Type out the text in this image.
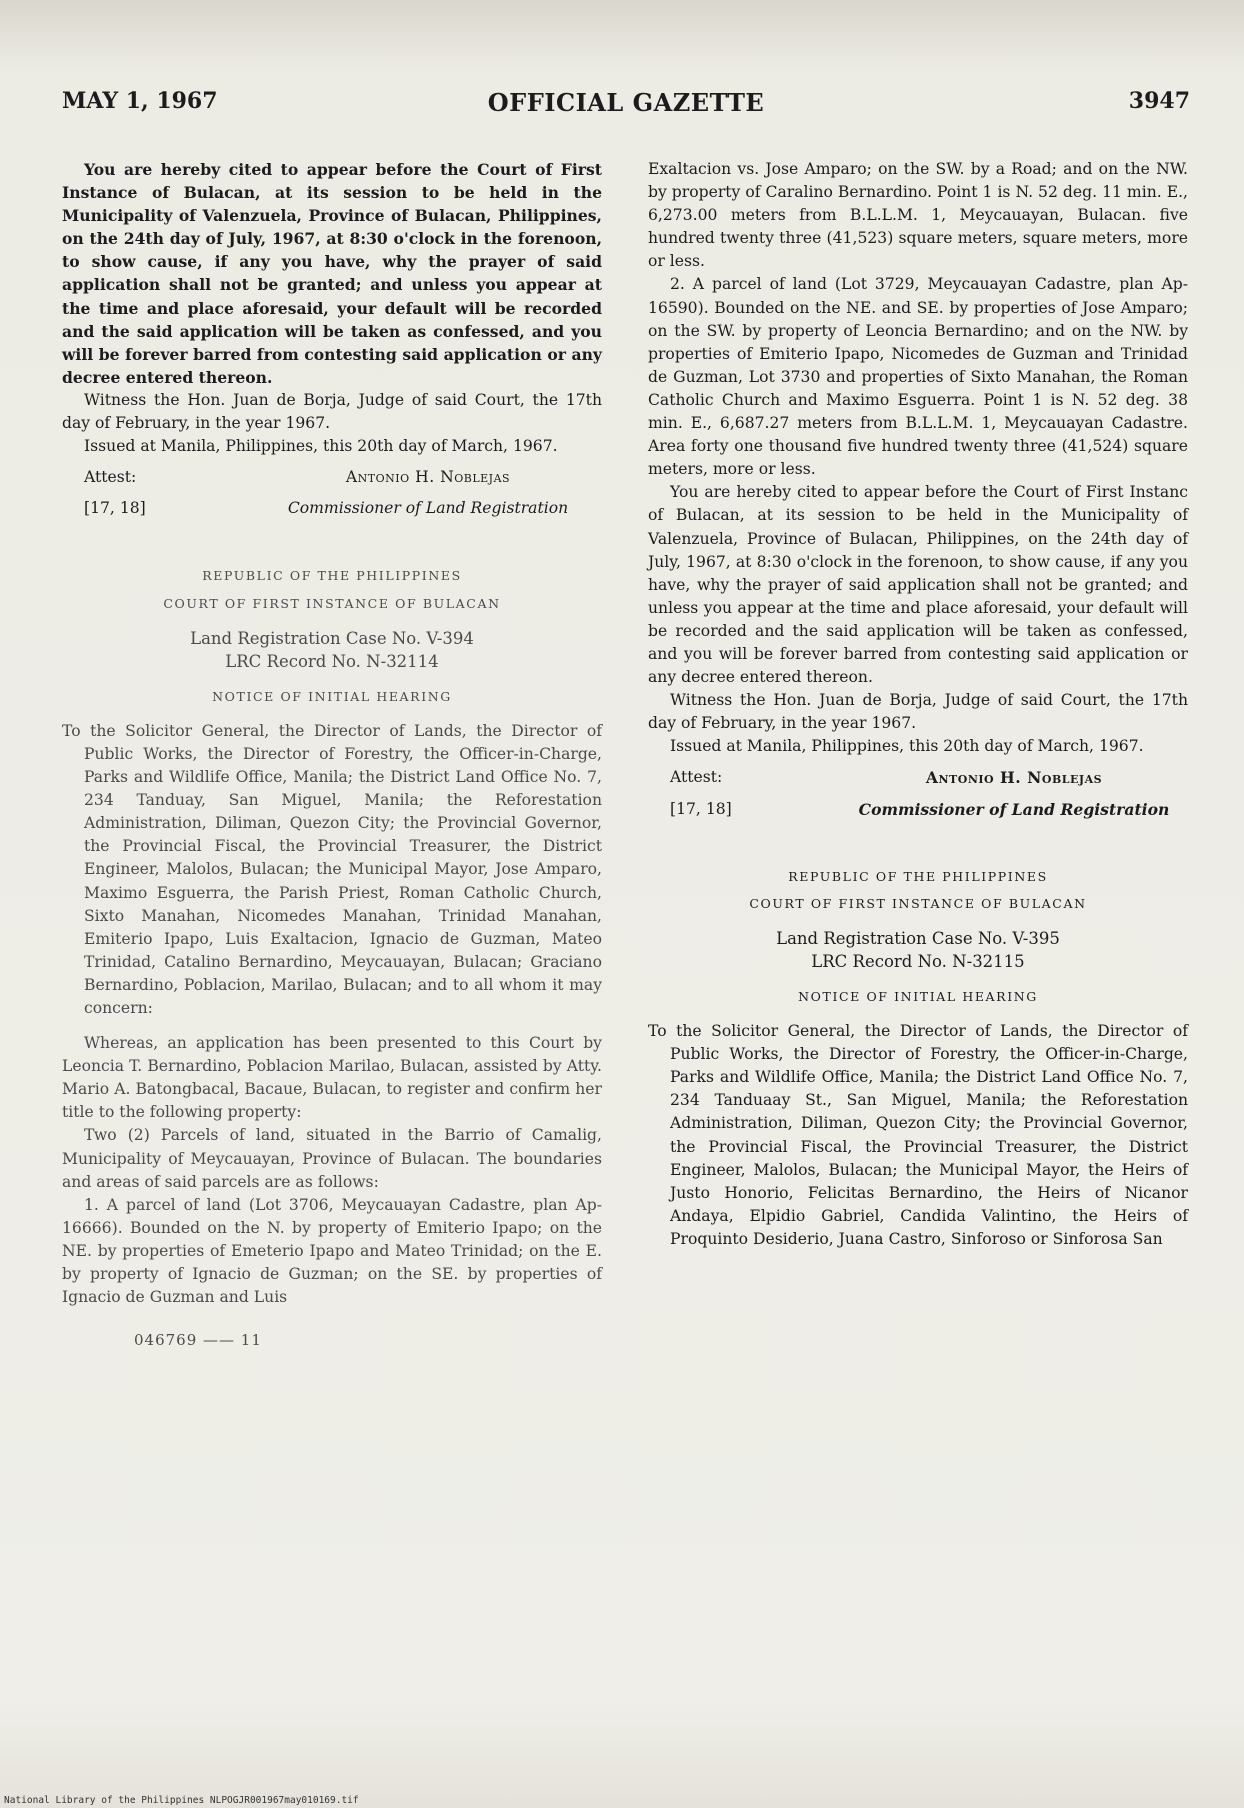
MAY 1, 1967	OFFICIAL GAZETTE	3947

You are hereby cited to appear before the Court of First Instance of Bulacan, at its session to be held in the Municipality of Valenzuela, Province of Bulacan, Philippines, on the 24th day of July, 1967, at 8:30 o'clock in the forenoon, to show cause, if any you have, why the prayer of said application shall not be granted; and unless you appear at the time and place aforesaid, your default will be recorded and the said application will be taken as confessed, and you will be forever barred from contesting said application or any decree entered thereon.

Witness the Hon. Juan de Borja, Judge of said Court, the 17th day of February, in the year 1967.

Issued at Manila, Philippines, this 20th day of March, 1967.

Attest:	Antonio H. Noblejas
[17, 18]	Commissioner of Land Registration
REPUBLIC OF THE PHILIPPINES
COURT OF FIRST INSTANCE OF BULACAN
Land Registration Case No. V-394
LRC Record No. N-32114
NOTICE OF INITIAL HEARING

To the Solicitor General, the Director of Lands, the Director of Public Works, the Director of Forestry, the Officer-in-Charge, Parks and Wildlife Office, Manila; the District Land Office No. 7, 234 Tanduay, San Miguel, Manila; the Reforestation Administration, Diliman, Quezon City; the Provincial Governor, the Provincial Fiscal, the Provincial Treasurer, the District Engineer, Malolos, Bulacan; the Municipal Mayor, Jose Amparo, Maximo Esguerra, the Parish Priest, Roman Catholic Church, Sixto Manahan, Nicomedes Manahan, Trinidad Manahan, Emiterio Ipapo, Luis Exaltacion, Ignacio de Guzman, Mateo Trinidad, Catalino Bernardino, Meycauayan, Bulacan; Graciano Bernardino, Poblacion, Marilao, Bulacan; and to all whom it may concern:

Whereas, an application has been presented to this Court by Leoncia T. Bernardino, Poblacion Marilao, Bulacan, assisted by Atty. Mario A. Batongbacal, Bacaue, Bulacan, to register and confirm her title to the following property:

Two (2) Parcels of land, situated in the Barrio of Camalig, Municipality of Meycauayan, Province of Bulacan. The boundaries and areas of said parcels are as follows:

1. A parcel of land (Lot 3706, Meycauayan Cadastre, plan Ap-16666). Bounded on the N. by property of Emiterio Ipapo; on the NE. by properties of Emeterio Ipapo and Mateo Trinidad; on the E. by property of Ignacio de Guzman; on the SE. by properties of Ignacio de Guzman and Luis

046769 —— 11

Exaltacion vs. Jose Amparo; on the SW. by a Road; and on the NW. by property of Caralino Bernardino. Point 1 is N. 52 deg. 11 min. E., 6,273.00 meters from B.L.L.M. 1, Meycauayan, Bulacan. five hundred twenty three (41,523) square meters, square meters, more or less.

2. A parcel of land (Lot 3729, Meycauayan Cadastre, plan Ap-16590). Bounded on the NE. and SE. by properties of Jose Amparo; on the SW. by property of Leoncia Bernardino; and on the NW. by properties of Emiterio Ipapo, Nicomedes de Guzman and Trinidad de Guzman, Lot 3730 and properties of Sixto Manahan, the Roman Catholic Church and Maximo Esguerra. Point 1 is N. 52 deg. 38 min. E., 6,687.27 meters from B.L.L.M. 1, Meycauayan Cadastre. Area forty one thousand five hundred twenty three (41,524) square meters, more or less.

You are hereby cited to appear before the Court of First Instanc of Bulacan, at its session to be held in the Municipality of Valenzuela, Province of Bulacan, Philippines, on the 24th day of July, 1967, at 8:30 o'clock in the forenoon, to show cause, if any you have, why the prayer of said application shall not be granted; and unless you appear at the time and place aforesaid, your default will be recorded and the said application will be taken as confessed, and you will be forever barred from contesting said application or any decree entered thereon.

Witness the Hon. Juan de Borja, Judge of said Court, the 17th day of February, in the year 1967.

Issued at Manila, Philippines, this 20th day of March, 1967.

Attest:	Antonio H. Noblejas
[17, 18]	Commissioner of Land Registration
REPUBLIC OF THE PHILIPPINES
COURT OF FIRST INSTANCE OF BULACAN
Land Registration Case No. V-395
LRC Record No. N-32115
NOTICE OF INITIAL HEARING

To the Solicitor General, the Director of Lands, the Director of Public Works, the Director of Forestry, the Officer-in-Charge, Parks and Wildlife Office, Manila; the District Land Office No. 7, 234 Tanduaay St., San Miguel, Manila; the Reforestation Administration, Diliman, Quezon City; the Provincial Governor, the Provincial Fiscal, the Provincial Treasurer, the District Engineer, Malolos, Bulacan; the Municipal Mayor, the Heirs of Justo Honorio, Felicitas Bernardino, the Heirs of Nicanor Andaya, Elpidio Gabriel, Candida Valintino, the Heirs of Proquinto Desiderio, Juana Castro, Sinforoso or Sinforosa San

National Library of the Philippines NLPOGJR001967may010169.tif
